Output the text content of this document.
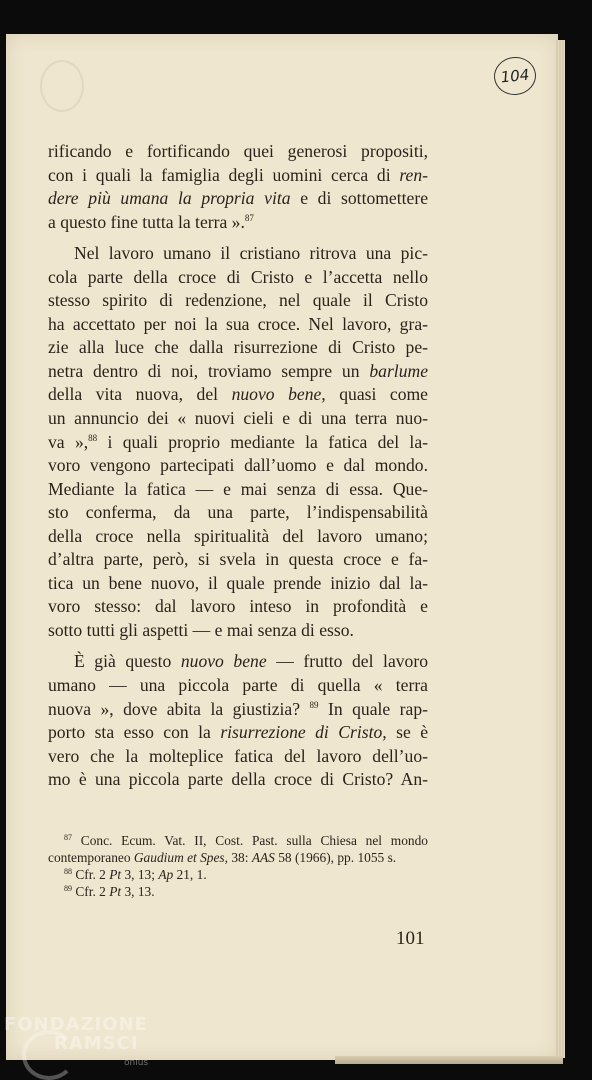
104

rificando e fortificando quei generosi propositi,
con i quali la famiglia degli uomini cerca di ren-
dere più umana la propria vita e di sottomettere
a questo fine tutta la terra ».$^{87}$

Nel lavoro umano il cristiano ritrova una pic-
cola parte della croce di Cristo e l’accetta nello
stesso spirito di redenzione, nel quale il Cristo
ha accettato per noi la sua croce. Nel lavoro, gra-
zie alla luce che dalla risurrezione di Cristo pe-
netra dentro di noi, troviamo sempre un barlume
della vita nuova, del nuovo bene, quasi come
un annuncio dei « nuovi cieli e di una terra nuo-
va »,$^{88}$ i quali proprio mediante la fatica del la-
voro vengono partecipati dall’uomo e dal mondo.
Mediante la fatica — e mai senza di essa. Que-
sto conferma, da una parte, l’indispensabilità
della croce nella spiritualità del lavoro umano;
d’altra parte, però, si svela in questa croce e fa-
tica un bene nuovo, il quale prende inizio dal la-
voro stesso: dal lavoro inteso in profondità e
sotto tutti gli aspetti — e mai senza di esso.

È già questo nuovo bene — frutto del lavoro
umano — una piccola parte di quella « terra
nuova », dove abita la giustizia? $^{89}$ In quale rap-
porto sta esso con la risurrezione di Cristo, se è
vero che la molteplice fatica del lavoro dell’uo-
mo è una piccola parte della croce di Cristo? An-

$^{87}$ Conc. Ecum. Vat. II, Cost. Past. sulla Chiesa nel mondo
contemporaneo Gaudium et Spes, 38: AAS 58 (1966), pp. 1055 s.
$^{88}$ Cfr. 2 Pt 3, 13; Ap 21, 1.
$^{89}$ Cfr. 2 Pt 3, 13.
101
FONDAZIONE
RAMSCI
onlus
